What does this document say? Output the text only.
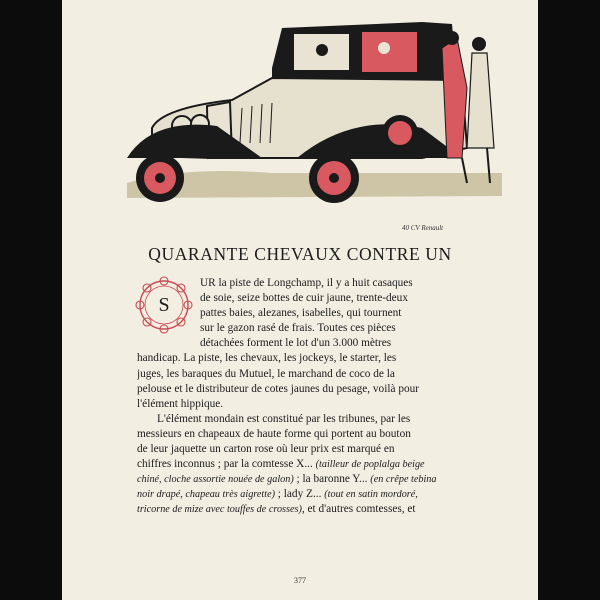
40 CV Renault
QUARANTE CHEVAUX CONTRE UN
S
UR la piste de Longchamp, il y a huit casaques
de soie, seize bottes de cuir jaune, trente-deux
pattes baies, alezanes, isabelles, qui tournent
sur le gazon rasé de frais. Toutes ces pièces
détachées forment le lot d'un 3.000 mètres
handicap. La piste, les chevaux, les jockeys, le starter, les
juges, les baraques du Mutuel, le marchand de coco de la
pelouse et le distributeur de cotes jaunes du pesage, voilà pour
l'élément hippique.
L'élément mondain est constitué par les tribunes, par les
messieurs en chapeaux de haute forme qui portent au bouton
de leur jaquette un carton rose où leur prix est marqué en
chiffres inconnus ; par la comtesse X... (tailleur de poplalga beige
chiné, cloche assortie nouée de galon) ; la baronne Y... (en crêpe tebina
noir drapé, chapeau très aigrette) ; lady Z... (tout en satin mordoré,
tricorne de mize avec touffes de crosses), et d'autres comtesses, et
377
